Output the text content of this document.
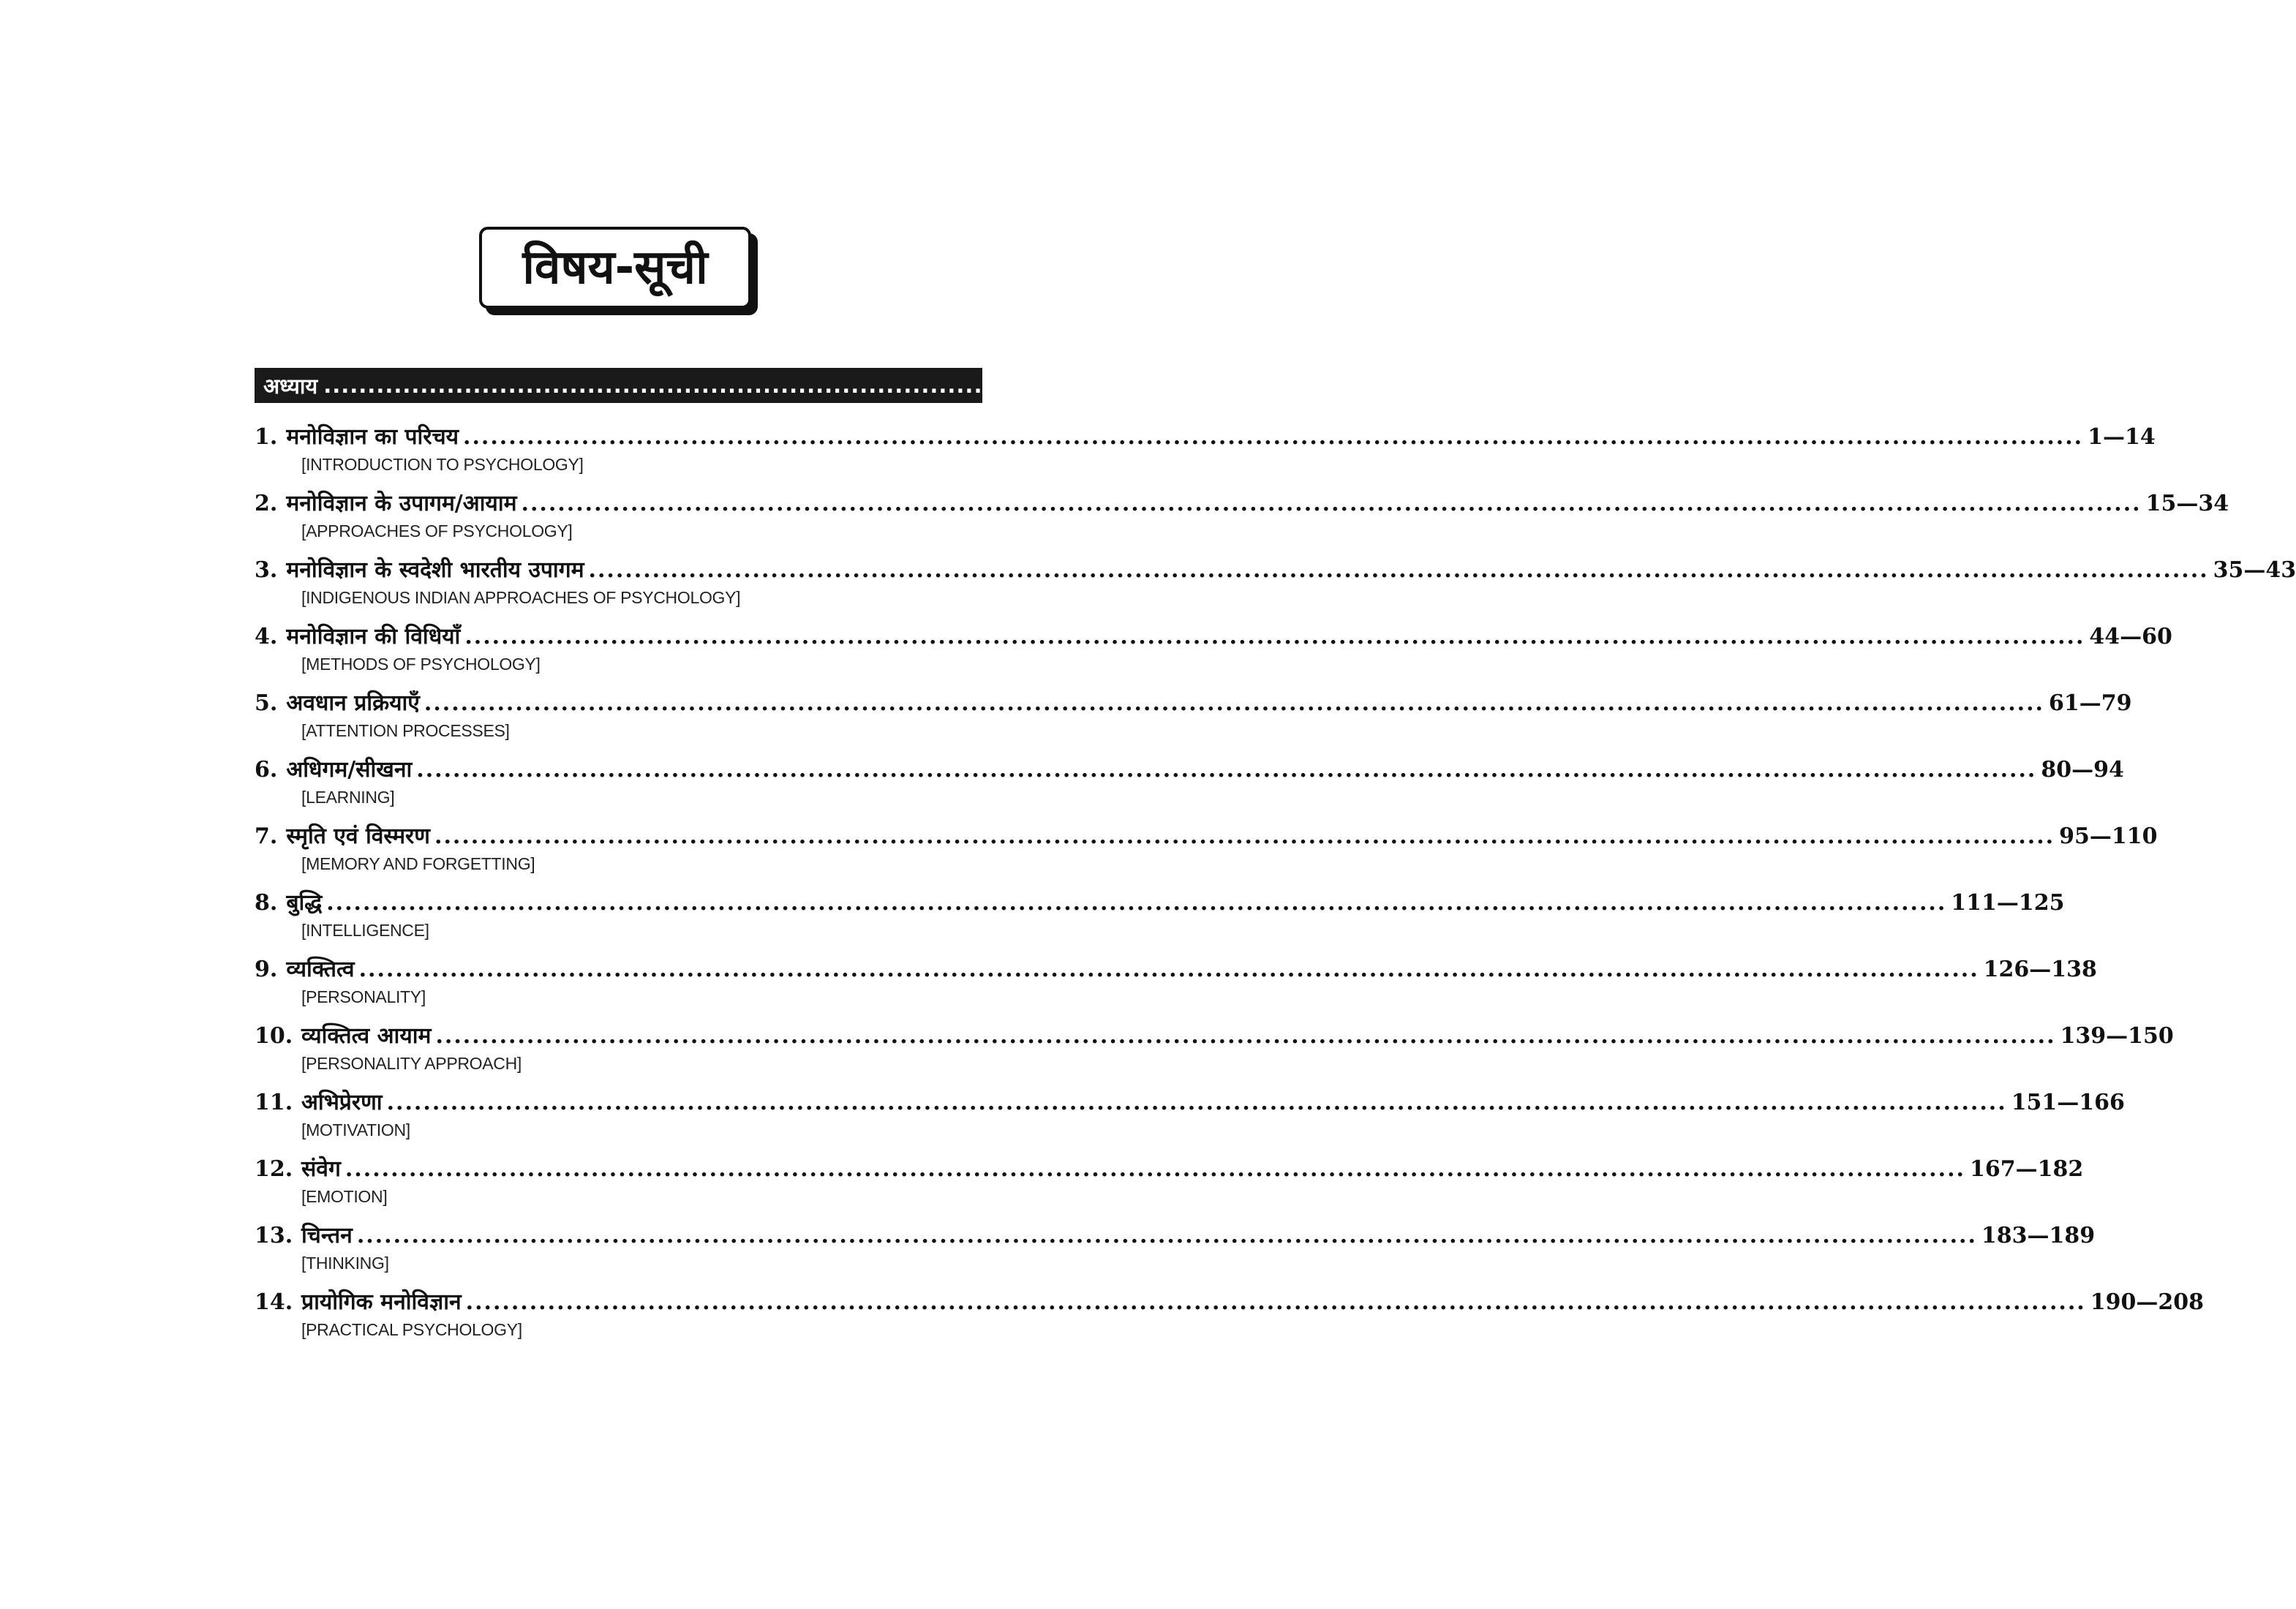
विषय-सूची
अध्याय .....................................................................................................................................................
पृष्ठ–संख्या
1. मनोविज्ञान का परिचय .....	1—14
[INTRODUCTION TO PSYCHOLOGY]
2. मनोविज्ञान के उपागम/आयाम .....	15—34
[APPROACHES OF PSYCHOLOGY]
3. मनोविज्ञान के स्वदेशी भारतीय उपागम .....	35—43
[INDIGENOUS INDIAN APPROACHES OF PSYCHOLOGY]
4. मनोविज्ञान की विधियाँ .....	44—60
[METHODS OF PSYCHOLOGY]
5. अवधान प्रक्रियाएँ .....	61—79
[ATTENTION PROCESSES]
6. अधिगम/सीखना .....	80—94
[LEARNING]
7. स्मृति एवं विस्मरण .....	95—110
[MEMORY AND FORGETTING]
8. बुद्धि .....	111—125
[INTELLIGENCE]
9. व्यक्तित्व .....	126—138
[PERSONALITY]
10. व्यक्तित्व आयाम .....	139—150
[PERSONALITY APPROACH]
11. अभिप्रेरणा .....	151—166
[MOTIVATION]
12. संवेग .....	167—182
[EMOTION]
13. चिन्तन .....	183—189
[THINKING]
14. प्रायोगिक मनोविज्ञान .....	190—208
[PRACTICAL PSYCHOLOGY]
